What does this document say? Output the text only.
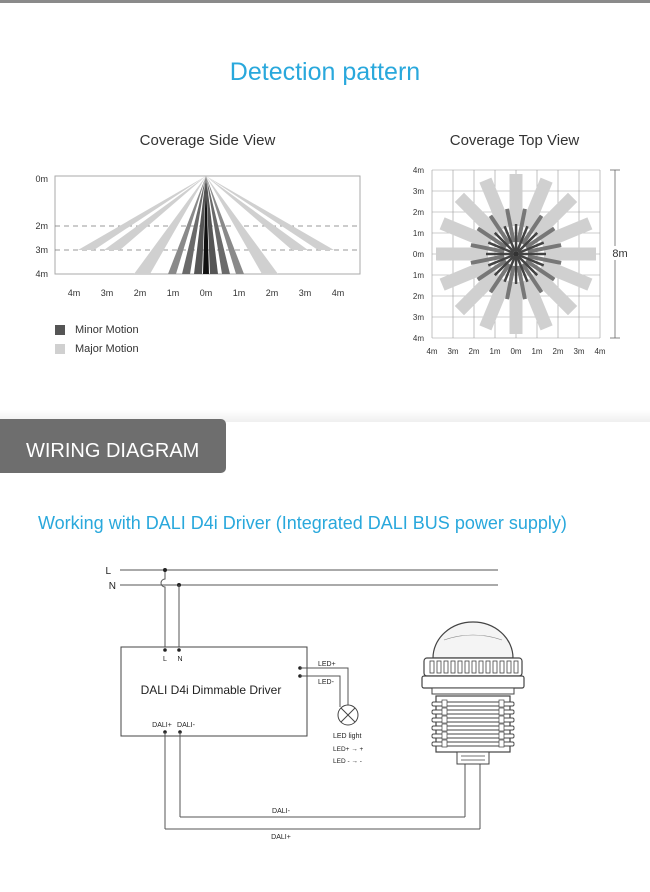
Detection pattern
Coverage Side View
0m
2m
3m
4m
4m 3m 2m 1m 0m 1m 2m 3m 4m
Minor Motion
Major Motion
Coverage Top View
8m
4m
3m
2m
1m
0m
1m
2m
3m
4m
4m 3m 2m 1m 0m 1m 2m 3m 4m
WIRING DIAGRAM
Working with DALI D4i Driver (Integrated DALI BUS power supply)
L
N
L N
DALI D4i Dimmable Driver
DALI+ DALI-
LED+
LED-
LED light
LED+ → +
LED - → -
DALI-
DALI+
